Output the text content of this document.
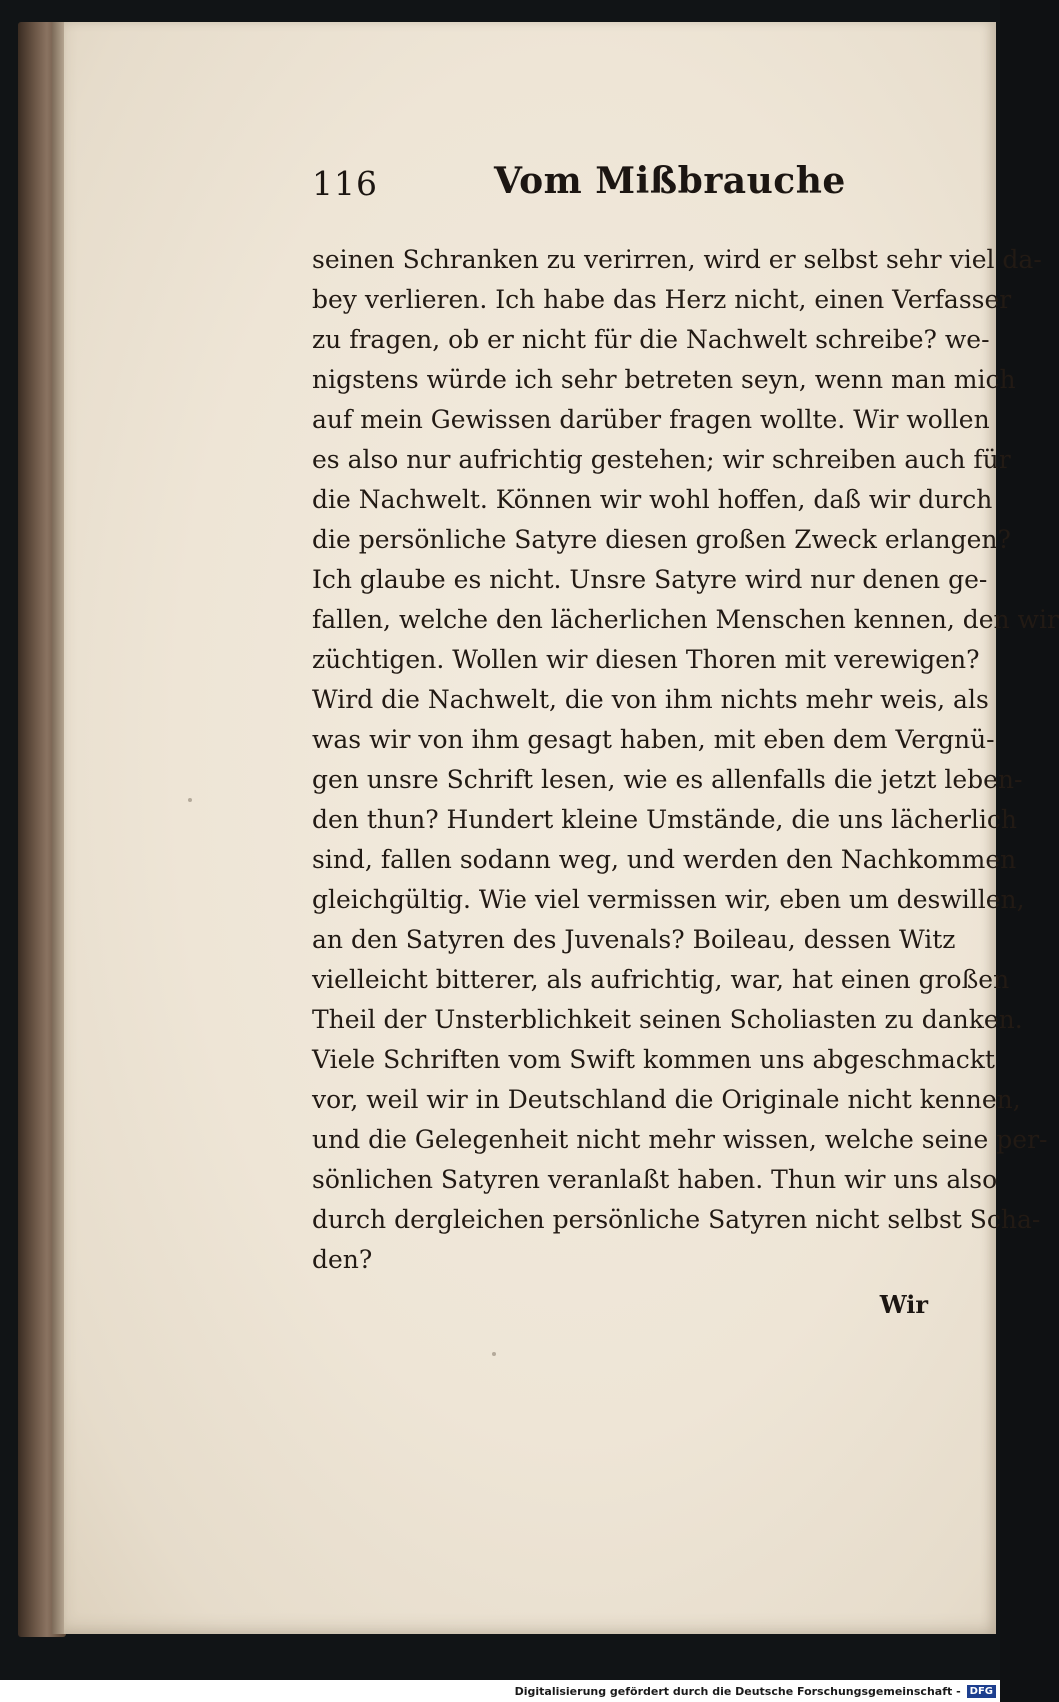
116	Vom Mißbrauche
seinen Schranken zu verirren, wird er selbst sehr viel da-
bey verlieren. Ich habe das Herz nicht, einen Verfasser
zu fragen, ob er nicht für die Nachwelt schreibe? we-
nigstens würde ich sehr betreten seyn, wenn man mich
auf mein Gewissen darüber fragen wollte. Wir wollen
es also nur aufrichtig gestehen; wir schreiben auch für
die Nachwelt. Können wir wohl hoffen, daß wir durch
die persönliche Satyre diesen großen Zweck erlangen?
Ich glaube es nicht. Unsre Satyre wird nur denen ge-
fallen, welche den lächerlichen Menschen kennen, den wir
züchtigen. Wollen wir diesen Thoren mit verewigen?
Wird die Nachwelt, die von ihm nichts mehr weis, als
was wir von ihm gesagt haben, mit eben dem Vergnü-
gen unsre Schrift lesen, wie es allenfalls die jetzt leben-
den thun? Hundert kleine Umstände, die uns lächerlich
sind, fallen sodann weg, und werden den Nachkommen
gleichgültig. Wie viel vermissen wir, eben um deswillen,
an den Satyren des Juvenals? Boileau, dessen Witz
vielleicht bitterer, als aufrichtig, war, hat einen großen
Theil der Unsterblichkeit seinen Scholiasten zu danken.
Viele Schriften vom Swift kommen uns abgeschmackt
vor, weil wir in Deutschland die Originale nicht kennen,
und die Gelegenheit nicht mehr wissen, welche seine per-
sönlichen Satyren veranlaßt haben. Thun wir uns also
durch dergleichen persönliche Satyren nicht selbst Scha-
den?
Wir
Digitalisierung gefördert durch die Deutsche Forschungsgemeinschaft - DFG
